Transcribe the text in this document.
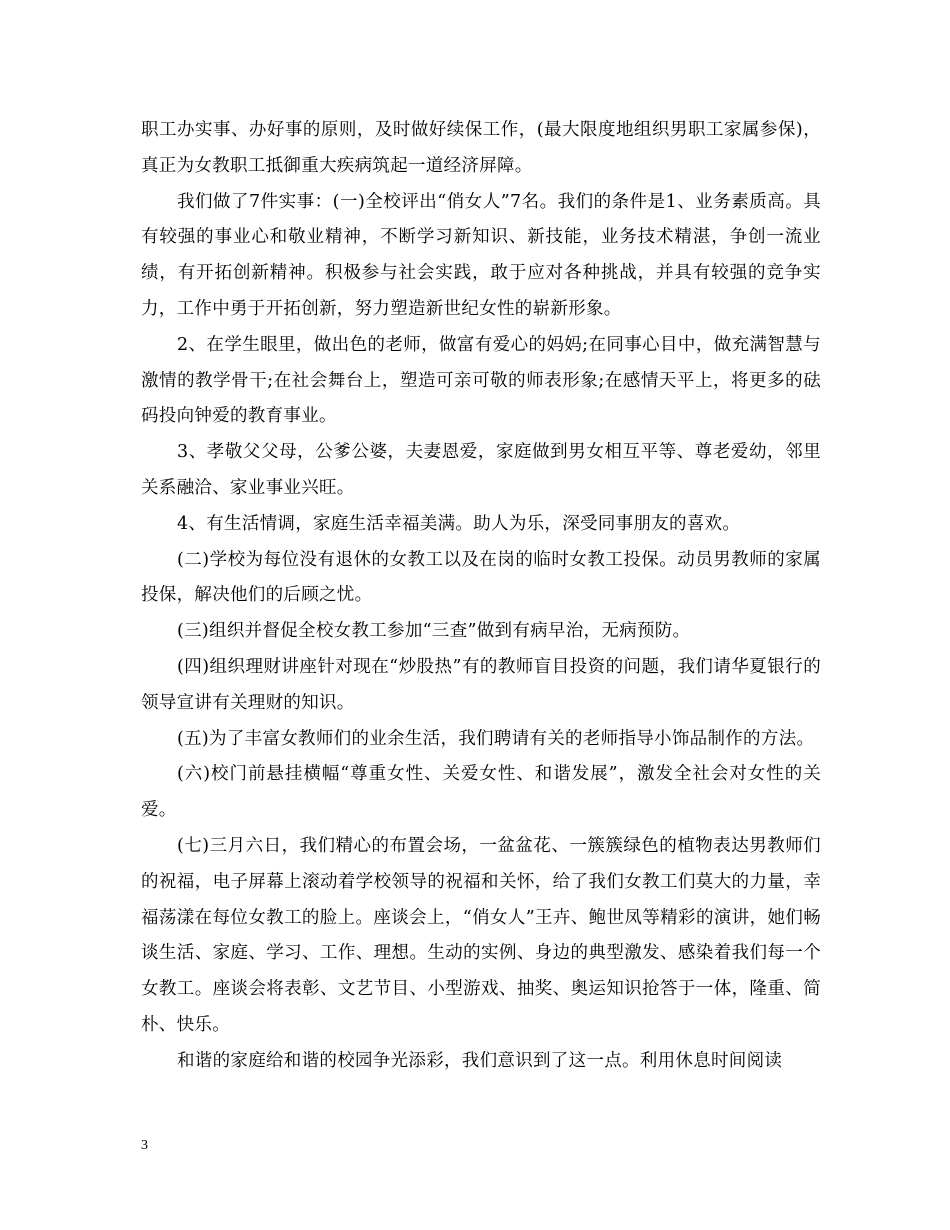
职工办实事、办好事的原则，及时做好续保工作，(最大限度地组织男职工家属参保)，真正为女教职工抵御重大疾病筑起一道经济屏障。

我们做了7件实事：(一)全校评出“俏女人”7名。我们的条件是1、业务素质高。具有较强的事业心和敬业精神，不断学习新知识、新技能，业务技术精湛，争创一流业绩，有开拓创新精神。积极参与社会实践，敢于应对各种挑战，并具有较强的竞争实力，工作中勇于开拓创新，努力塑造新世纪女性的崭新形象。

2、在学生眼里，做出色的老师，做富有爱心的妈妈;在同事心目中，做充满智慧与激情的教学骨干;在社会舞台上，塑造可亲可敬的师表形象;在感情天平上，将更多的砝码投向钟爱的教育事业。

3、孝敬父父母，公爹公婆，夫妻恩爱，家庭做到男女相互平等、尊老爱幼，邻里关系融洽、家业事业兴旺。

4、有生活情调，家庭生活幸福美满。助人为乐，深受同事朋友的喜欢。

(二)学校为每位没有退休的女教工以及在岗的临时女教工投保。动员男教师的家属投保，解决他们的后顾之忧。

(三)组织并督促全校女教工参加“三查”做到有病早治，无病预防。

(四)组织理财讲座针对现在“炒股热”有的教师盲目投资的问题，我们请华夏银行的领导宣讲有关理财的知识。

(五)为了丰富女教师们的业余生活，我们聘请有关的老师指导小饰品制作的方法。

(六)校门前悬挂横幅“尊重女性、关爱女性、和谐发展”，激发全社会对女性的关爱。

(七)三月六日，我们精心的布置会场，一盆盆花、一簇簇绿色的植物表达男教师们的祝福，电子屏幕上滚动着学校领导的祝福和关怀，给了我们女教工们莫大的力量，幸福荡漾在每位女教工的脸上。座谈会上，“俏女人”王卉、鲍世凤等精彩的演讲，她们畅谈生活、家庭、学习、工作、理想。生动的实例、身边的典型激发、感染着我们每一个女教工。座谈会将表彰、文艺节目、小型游戏、抽奖、奥运知识抢答于一体，隆重、简朴、快乐。

和谐的家庭给和谐的校园争光添彩，我们意识到了这一点。利用休息时间阅读

3
